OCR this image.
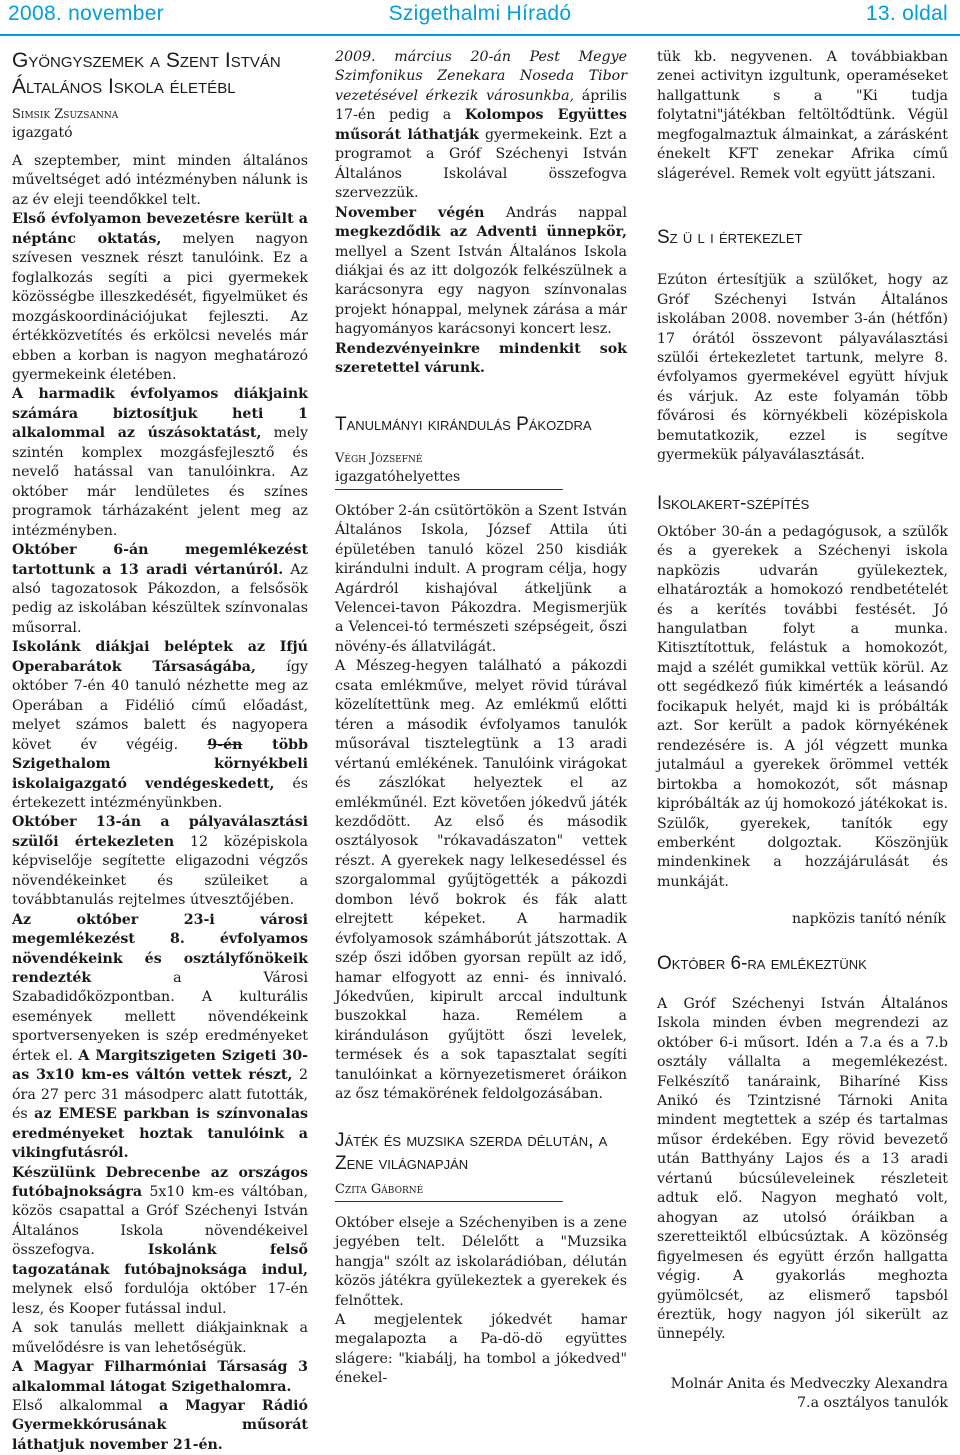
Szigethalmi Híradó
2008. november	13. oldal
Gyöngyszemek a Szent István Általános Iskola életébl
Simsik Zsuzsanna
igazgató

A szeptember, mint minden általános műveltséget adó intézményben nálunk is az év eleji teendőkkel telt.

Első évfolyamon bevezetésre került a néptánc oktatás, melyen nagyon szívesen vesznek részt tanulóink. Ez a foglalkozás segíti a pici gyermekek közösségbe illeszkedését, figyelmüket és mozgáskoordinációjukat fejleszti. Az értékközvetítés és erkölcsi nevelés már ebben a korban is nagyon meghatározó gyermekeink életében.

A harmadik évfolyamos diákjaink számára biztosítjuk heti 1 alkalommal az úszásoktatást, mely szintén komplex mozgásfejlesztő és nevelő hatással van tanulóinkra. Az október már lendületes és színes programok tárházaként jelent meg az intézményben.

Október 6-án megemlékezést tartottunk a 13 aradi vértanúról. Az alsó tagozatosok Pákozdon, a felsősök pedig az iskolában készültek színvonalas műsorral.

Iskolánk diákjai beléptek az Ifjú Operabarátok Társaságába, így október 7-én 40 tanuló nézhette meg az Operában a Fidélió című előadást, melyet számos balett és nagyopera követ év végéig. 9-én több Szigethalom környékbeli iskolaigazgató vendégeskedett, és értekezett intézményünkben.

Október 13-án a pályaválasztási szülői értekezleten 12 középiskola képviselője segítette eligazodni végzős növendékeinket és szüleiket a továbbtanulás rejtelmes útvesztőjében.

Az október 23-i városi megemlékezést 8. évfolyamos növendékeink és osztályfőnökeik rendezték a Városi Szabadidőközpontban. A kulturális események mellett növendékeink sportversenyeken is szép eredményeket értek el. A Margitszigeten Szigeti 30-as 3x10 km-es váltón vettek részt, 2 óra 27 perc 31 másodperc alatt futották, és az EMESE parkban is színvonalas eredményeket hoztak tanulóink a vikingfutásról.

Készülünk Debrecenbe az országos futóbajnokságra 5x10 km-es váltóban, közös csapattal a Gróf Széchenyi István Általános Iskola növendékeivel összefogva. Iskolánk felső tagozatának futóbajnoksága indul, melynek első fordulója október 17-én lesz, és Kooper futással indul.

A sok tanulás mellett diákjainknak a művelődésre is van lehetőségük.

A Magyar Filharmóniai Társaság 3 alkalommal látogat Szigethalomra.

Első alkalommal a Magyar Rádió Gyermekkórusának műsorát láthatjuk november 21-én.

2009. március 20-án Pest Megye Szimfonikus Zenekara Noseda Tibor vezetésével érkezik városunkba, április 17-én pedig a Kolompos Együttes műsorát láthatják gyermekeink. Ezt a programot a Gróf Széchenyi István Általános Iskolával összefogva szervezzük.

November végén András nappal megkezdődik az Adventi ünnepkör, mellyel a Szent István Általános Iskola diákjai és az itt dolgozók felkészülnek a karácsonyra egy nagyon színvonalas projekt hónappal, melynek zárása a már hagyományos karácsonyi koncert lesz.

Rendezvényeinkre mindenkit sok szeretettel várunk.

Tanulmányi kirándulás Pákozdra
Végh Józsefné
igazgatóhelyettes

Október 2-án csütörtökön a Szent István Általános Iskola, József Attila úti épületében tanuló közel 250 kisdiák kirándulni indult. A program célja, hogy Agárdról kishajóval átkeljünk a Velencei-tavon Pákozdra. Megismerjük a Velencei-tó természeti szépségeit, őszi növény-és állatvilágát.

A Mészeg-hegyen található a pákozdi csata emlékműve, melyet rövid túrával közelítettünk meg. Az emlékmű előtti téren a második évfolyamos tanulók műsorával tisztelegtünk a 13 aradi vértanú emlékének. Tanulóink virágokat és zászlókat helyeztek el az emlékműnél. Ezt követően jókedvű játék kezdődött. Az első és második osztályosok "rókavadászaton" vettek részt. A gyerekek nagy lelkesedéssel és szorgalommal gyűjtögették a pákozdi dombon lévő bokrok és fák alatt elrejtett képeket. A harmadik évfolyamosok számháborút játszottak. A szép őszi időben gyorsan repült az idő, hamar elfogyott az enni- és innivaló. Jókedvűen, kipirult arccal indultunk buszokkal haza. Remélem a kiránduláson gyűjtött őszi levelek, termések és a sok tapasztalat segíti tanulóinkat a környezetismeret óráikon az ősz témakörének feldolgozásában.

Játék és muzsika szerda délután, a Zene világnapján
Czita Gáborné

Október elseje a Széchenyiben is a zene jegyében telt. Délelőtt a "Muzsika hangja" szólt az iskolarádióban, délután közös játékra gyülekeztek a gyerekek és felnőttek.

A megjelentek jókedvét hamar megalapozta a Pa-dö-dö együttes slágere: "kiabálj, ha tombol a jókedved" énekel-

tük kb. negyvenen. A továbbiakban zenei activityn izgultunk, operaméseket hallgattunk s a "Ki tudja folytatni"játékban feltöltődtünk. Végül megfogalmaztuk álmainkat, a zárásként énekelt KFT zenekar Afrika című slágerével. Remek volt együtt játszani.

Sz ü l i értekezlet

Ezúton értesítjük a szülőket, hogy az Gróf Széchenyi István Általános iskolában 2008. november 3-án (hétfőn) 17 órától összevont pályaválasztási szülői értekezletet tartunk, melyre 8. évfolyamos gyermekével együtt hívjuk és várjuk. Az este folyamán több fővárosi és környékbeli középiskola bemutatkozik, ezzel is segítve gyermekük pályaválasztását.

Iskolakert-szépítés

Október 30-án a pedagógusok, a szülők és a gyerekek a Széchenyi iskola napközis udvarán gyülekeztek, elhatározták a homokozó rendbetételét és a kerítés további festését. Jó hangulatban folyt a munka. Kitisztítottuk, felástuk a homokozót, majd a szélét gumikkal vettük körül. Az ott segédkező fiúk kimérték a leásandó focikapuk helyét, majd ki is próbálták azt. Sor került a padok környékének rendezésére is. A jól végzett munka jutalmául a gyerekek örömmel vették birtokba a homokozót, sőt másnap kipróbálták az új homokozó játékokat is. Szülők, gyerekek, tanítók egy emberként dolgoztak. Köszönjük mindenkinek a hozzájárulását és munkáját.

napközis tanító néník

Október 6-ra emlékeztünk

A Gróf Széchenyi István Általános Iskola minden évben megrendezi az október 6-i műsort. Idén a 7.a és a 7.b osztály vállalta a megemlékezést. Felkészítő tanáraink, Biharíné Kiss Anikó és Tzintzisné Tárnoki Anita mindent megtettek a szép és tartalmas műsor érdekében. Egy rövid bevezető után Batthyány Lajos és a 13 aradi vértanú búcsúleveleinek részleteit adtuk elő. Nagyon megható volt, ahogyan az utolsó óráikban a szeretteiktől elbúcsúztak. A közönség figyelmesen és együtt érzőn hallgatta végig. A gyakorlás meghozta gyümölcsét, az elismerő tapsból éreztük, hogy nagyon jól sikerült az ünnepély.

Molnár Anita és Medveczky Alexandra

7.a osztályos tanulók
